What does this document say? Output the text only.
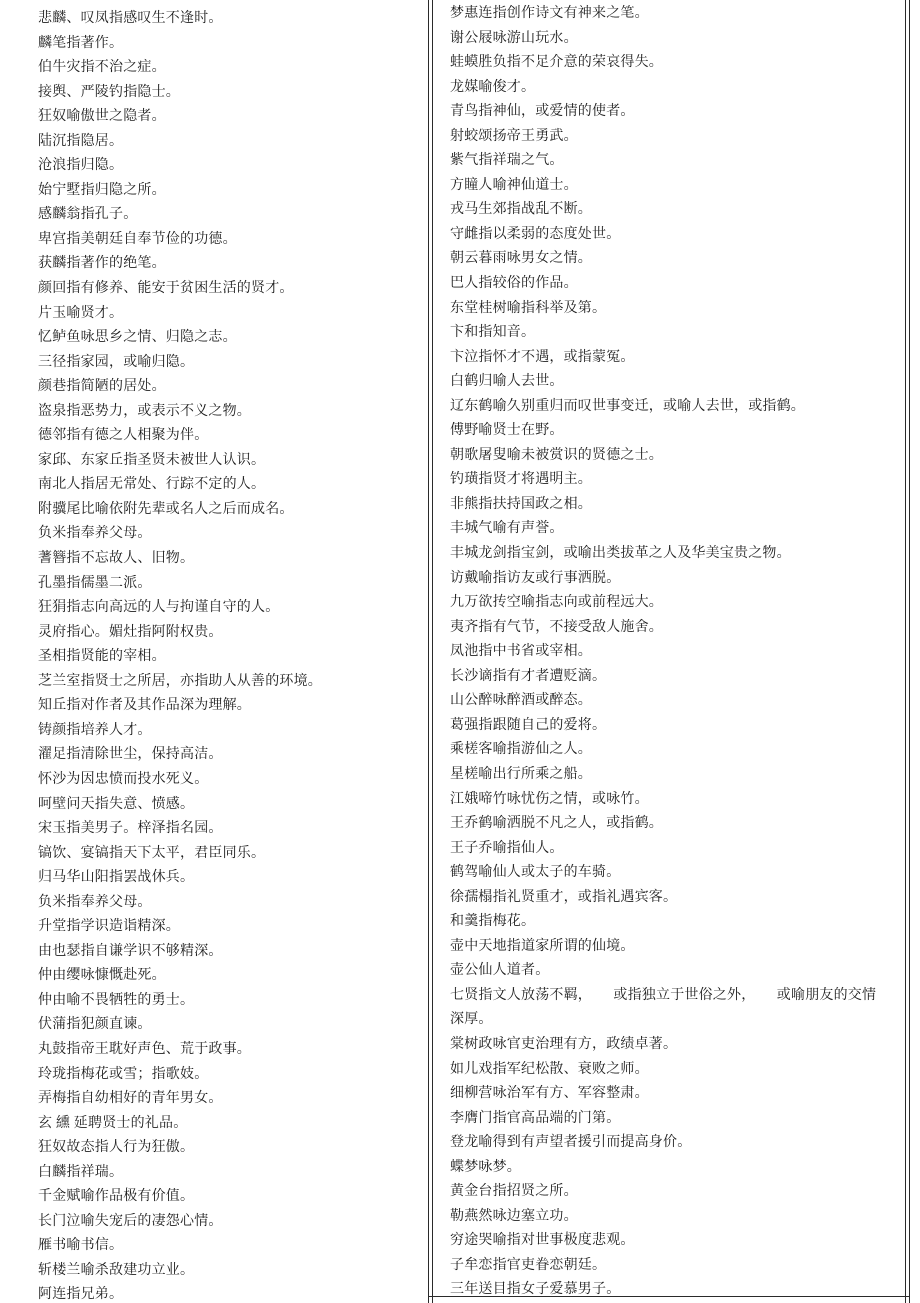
悲麟、叹凤指感叹生不逢时。
麟笔指著作。
伯牛灾指不治之症。
接舆、严陵钓指隐士。
狂奴喻傲世之隐者。
陆沉指隐居。
沧浪指归隐。
始宁墅指归隐之所。
感麟翁指孔子。
卑宫指美朝廷自奉节俭的功德。
获麟指著作的绝笔。
颜回指有修养、能安于贫困生活的贤才。
片玉喻贤才。
忆鲈鱼咏思乡之情、归隐之志。
三径指家园，或喻归隐。
颜巷指简陋的居处。
盗泉指恶势力，或表示不义之物。
德邻指有德之人相聚为伴。
家邱、东家丘指圣贤未被世人认识。
南北人指居无常处、行踪不定的人。
附骥尾比喻依附先辈或名人之后而成名。
负米指奉养父母。
蓍簪指不忘故人、旧物。
孔墨指儒墨二派。
狂狷指志向高远的人与拘谨自守的人。
灵府指心。媚灶指阿附权贵。
圣相指贤能的宰相。
芝兰室指贤士之所居，亦指助人从善的环境。
知丘指对作者及其作品深为理解。
铸颜指培养人才。
濯足指清除世尘，保持高洁。
怀沙为因忠愤而投水死义。
呵壁问天指失意、愤感。
宋玉指美男子。梓泽指名园。
镐饮、宴镐指天下太平，君臣同乐。
归马华山阳指罢战休兵。
负米指奉养父母。
升堂指学识造诣精深。
由也瑟指自谦学识不够精深。
仲由缨咏慷慨赴死。
仲由喻不畏牺牲的勇士。
伏蒲指犯颜直谏。
丸鼓指帝王耽好声色、荒于政事。
玲珑指梅花或雪；指歌妓。
弄梅指自幼相好的青年男女。
玄 纁 延聘贤士的礼品。
狂奴故态指人行为狂傲。
白麟指祥瑞。
千金赋喻作品极有价值。
长门泣喻失宠后的凄怨心情。
雁书喻书信。
斩楼兰喻杀敌建功立业。
阿连指兄弟。
梦惠连指创作诗文有神来之笔。
谢公屐咏游山玩水。
蛙蟆胜负指不足介意的荣哀得失。
龙媒喻俊才。
青鸟指神仙，或爱情的使者。
射蛟颂扬帝王勇武。
紫气指祥瑞之气。
方瞳人喻神仙道士。
戎马生郊指战乱不断。
守雌指以柔弱的态度处世。
朝云暮雨咏男女之情。
巴人指较俗的作品。
东堂桂树喻指科举及第。
卞和指知音。
卞泣指怀才不遇，或指蒙冤。
白鹤归喻人去世。
辽东鹤喻久别重归而叹世事变迁，或喻人去世，或指鹤。
傅野喻贤士在野。
朝歌屠叟喻未被赏识的贤德之士。
钓璜指贤才将遇明主。
非熊指扶持国政之相。
丰城气喻有声誉。
丰城龙剑指宝剑，或喻出类拔革之人及华美宝贵之物。
访戴喻指访友或行事洒脱。
九万欲抟空喻指志向或前程远大。
夷齐指有气节，不接受敌人施舍。
凤池指中书省或宰相。
长沙谪指有才者遭贬滴。
山公醉咏醉酒或醉态。
葛强指跟随自己的爱将。
乘槎客喻指游仙之人。
星槎喻出行所乘之船。
江娥啼竹咏忧伤之情，或咏竹。
王乔鹤喻洒脱不凡之人，或指鹤。
王子乔喻指仙人。
鹤驾喻仙人或太子的车骑。
徐孺榻指礼贤重才，或指礼遇宾客。
和羹指梅花。
壶中天地指道家所谓的仙境。
壶公仙人道者。
七贤指文人放荡不羁，　　或指独立于世俗之外，　　或喻朋友的交情
深厚。
棠树政咏官吏治理有方，政绩卓著。
如儿戏指军纪松散、衰败之师。
细柳营咏治军有方、军容整肃。
李膺门指官高品端的门第。
登龙喻得到有声望者援引而提高身价。
蝶梦咏梦。
黄金台指招贤之所。
勒燕然咏边塞立功。
穷途哭喻指对世事极度悲观。
子牟恋指官吏眷恋朝廷。
三年送目指女子爱慕男子。
